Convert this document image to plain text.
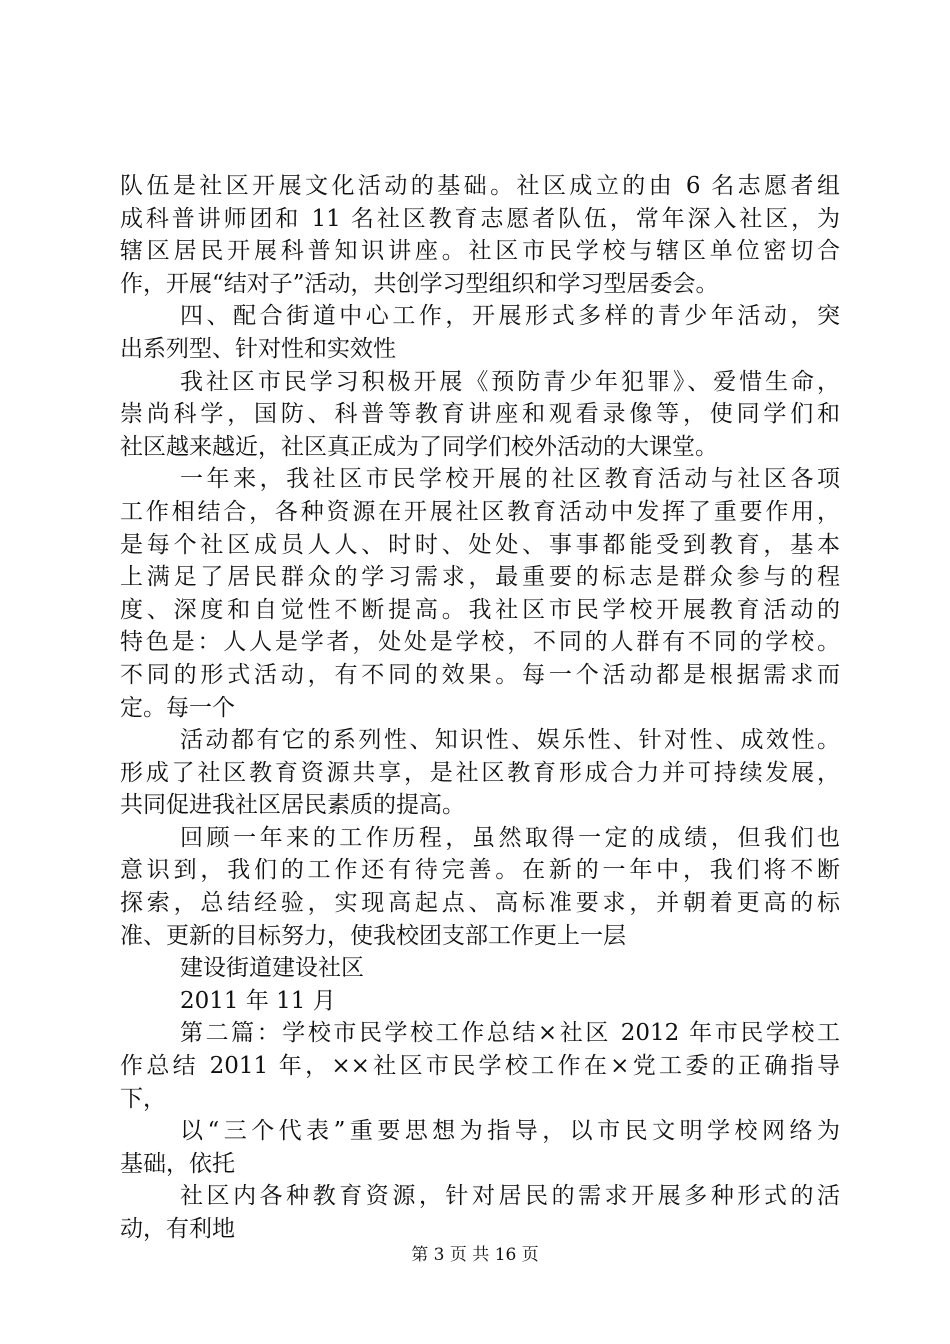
队伍是社区开展文化活动的基础。社区成立的由 6 名志愿者组
成科普讲师团和 11 名社区教育志愿者队伍，常年深入社区，为
辖区居民开展科普知识讲座。社区市民学校与辖区单位密切合
作，开展“结对子”活动，共创学习型组织和学习型居委会。
四、配合街道中心工作，开展形式多样的青少年活动，突
出系列型、针对性和实效性
我社区市民学习积极开展《预防青少年犯罪》、爱惜生命，
崇尚科学，国防、科普等教育讲座和观看录像等，使同学们和
社区越来越近，社区真正成为了同学们校外活动的大课堂。
一年来，我社区市民学校开展的社区教育活动与社区各项
工作相结合，各种资源在开展社区教育活动中发挥了重要作用，
是每个社区成员人人、时时、处处、事事都能受到教育，基本
上满足了居民群众的学习需求，最重要的标志是群众参与的程
度、深度和自觉性不断提高。我社区市民学校开展教育活动的
特色是：人人是学者，处处是学校，不同的人群有不同的学校。
不同的形式活动，有不同的效果。每一个活动都是根据需求而
定。每一个
活动都有它的系列性、知识性、娱乐性、针对性、成效性。
形成了社区教育资源共享，是社区教育形成合力并可持续发展，
共同促进我社区居民素质的提高。
回顾一年来的工作历程，虽然取得一定的成绩，但我们也
意识到，我们的工作还有待完善。在新的一年中，我们将不断
探索，总结经验，实现高起点、高标准要求，并朝着更高的标
准、更新的目标努力，使我校团支部工作更上一层
建设街道建设社区
2011 年 11 月
第二篇：学校市民学校工作总结×社区 2012 年市民学校工
作总结 2011 年，××社区市民学校工作在×党工委的正确指导
下，
以“三个代表”重要思想为指导，以市民文明学校网络为
基础，依托
社区内各种教育资源，针对居民的需求开展多种形式的活
动，有利地
第 3 页 共 16 页
